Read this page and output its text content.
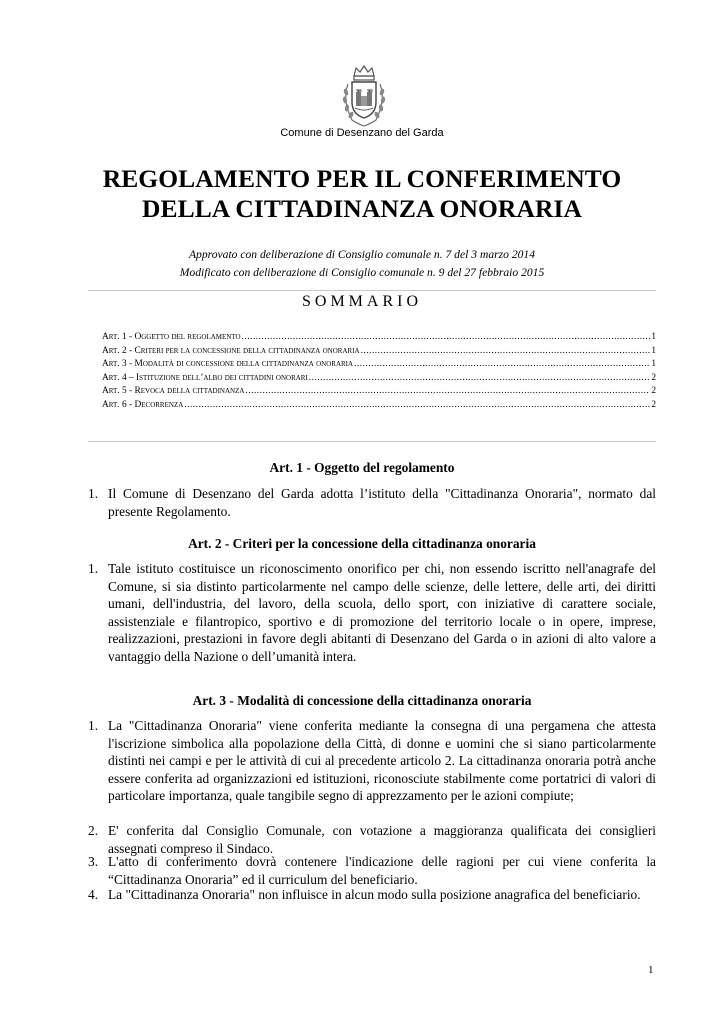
Comune di Desenzano del Garda
REGOLAMENTO PER IL CONFERIMENTO
DELLA CITTADINANZA ONORARIA
Approvato con deliberazione di Consiglio comunale n. 7 del 3 marzo 2014
Modificato con deliberazione di Consiglio comunale n. 9 del 27 febbraio 2015
SOMMARIO
Art. 1 - Oggetto del regolamento .....	1
Art. 2 - Criteri per la concessione della cittadinanza onoraria .....	1
Art. 3 - Modalità di concessione della cittadinanza onoraria .....	1
Art. 4 – Istituzione dell’albo dei cittadini onorari .....	2
Art. 5 - Revoca della cittadinanza .....	2
Art. 6 - Decorrenza .....	2
Art. 1 - Oggetto del regolamento
1. Il Comune di Desenzano del Garda adotta l’istituto della "Cittadinanza Onoraria", normato dal presente Regolamento.
Art. 2 - Criteri per la concessione della cittadinanza onoraria
1. Tale istituto costituisce un riconoscimento onorifico per chi, non essendo iscritto nell'anagrafe del Comune, si sia distinto particolarmente nel campo delle scienze, delle lettere, delle arti, dei diritti umani, dell'industria, del lavoro, della scuola, dello sport, con iniziative di carattere sociale, assistenziale e filantropico, sportivo e di promozione del territorio locale o in opere, imprese, realizzazioni, prestazioni in favore degli abitanti di Desenzano del Garda o in azioni di alto valore a vantaggio della Nazione o dell’umanità intera.
Art. 3 - Modalità di concessione della cittadinanza onoraria
1. La "Cittadinanza Onoraria" viene conferita mediante la consegna di una pergamena che attesta l'iscrizione simbolica alla popolazione della Città, di donne e uomini che si siano particolarmente distinti nei campi e per le attività di cui al precedente articolo 2. La cittadinanza onoraria potrà anche essere conferita ad organizzazioni ed istituzioni, riconosciute stabilmente come portatrici di valori di particolare importanza, quale tangibile segno di apprezzamento per le azioni compiute;
2. E' conferita dal Consiglio Comunale, con votazione a maggioranza qualificata dei consiglieri assegnati compreso il Sindaco.
3. L'atto di conferimento dovrà contenere l'indicazione delle ragioni per cui viene conferita la “Cittadinanza Onoraria” ed il curriculum del beneficiario.
4. La "Cittadinanza Onoraria" non influisce in alcun modo sulla posizione anagrafica del beneficiario.
1
